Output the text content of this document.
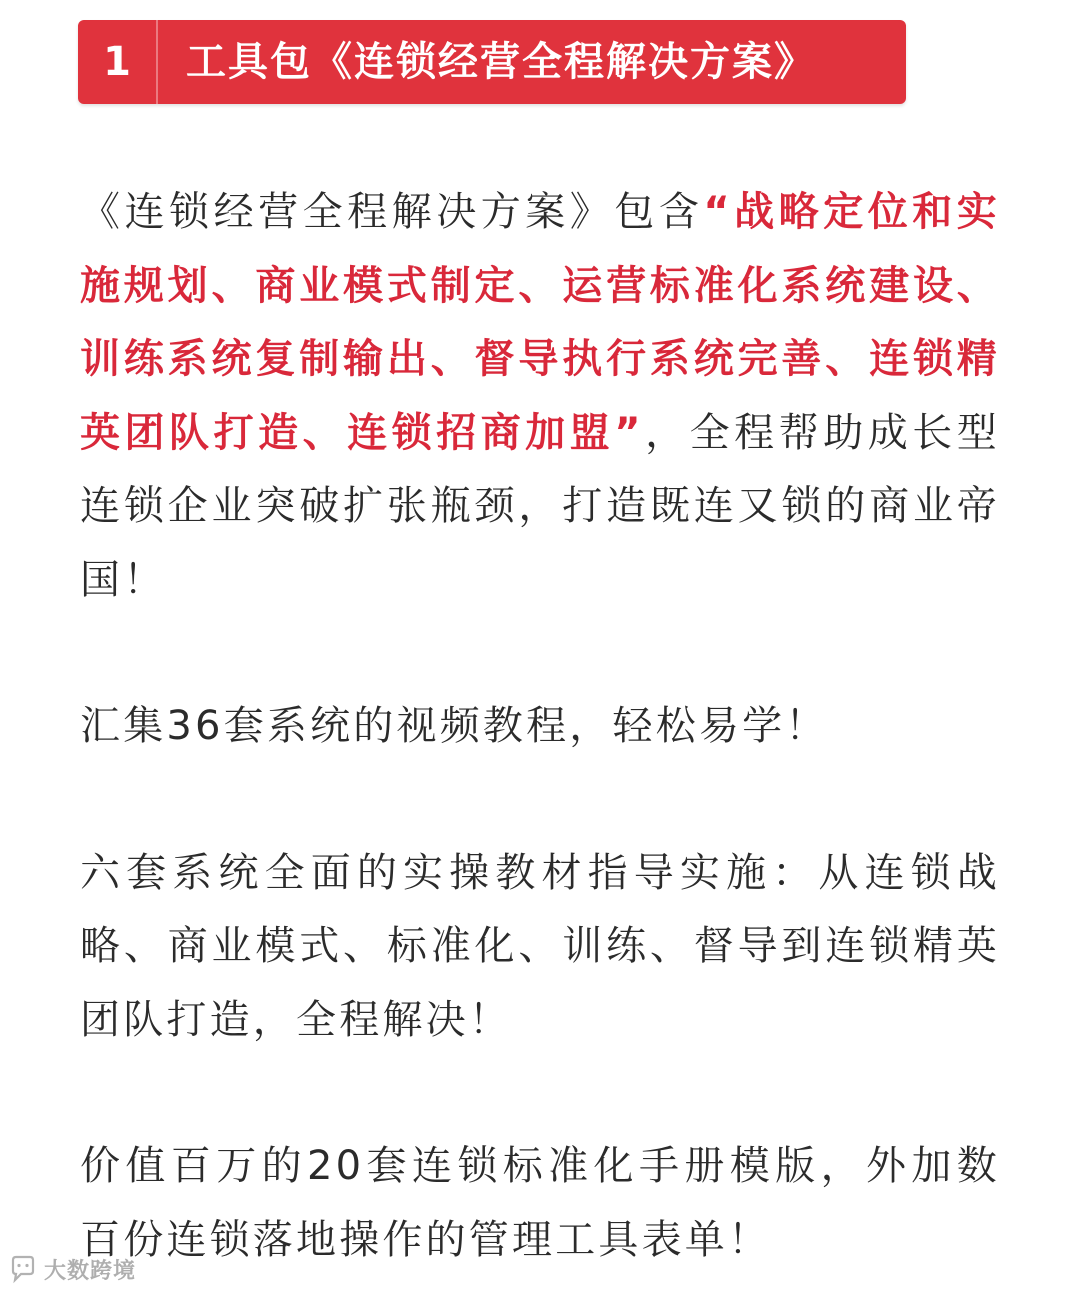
1	工具包《连锁经营全程解决方案》

《连锁经营全程解决方案》包含“战略定位和实施规划、商业模式制定、运营标准化系统建设、训练系统复制输出、督导执行系统完善、连锁精英团队打造、连锁招商加盟”，全程帮助成长型连锁企业突破扩张瓶颈，打造既连又锁的商业帝国！

汇集36套系统的视频教程，轻松易学！

六套系统全面的实操教材指导实施：从连锁战略、商业模式、标准化、训练、督导到连锁精英团队打造，全程解决！

价值百万的20套连锁标准化手册模版，外加数百份连锁落地操作的管理工具表单！

大数跨境
